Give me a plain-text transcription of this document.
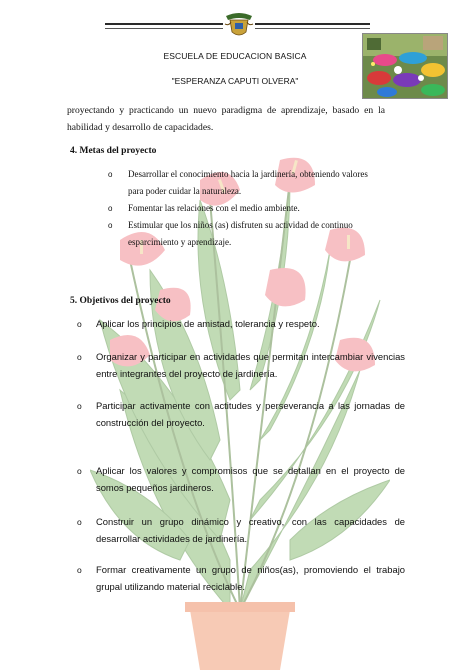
ESCUELA DE EDUCACION BASICA
"ESPERANZA CAPUTI OLVERA"
proyectando y practicando un nuevo paradigma de aprendizaje, basado en la habilidad y desarrollo de capacidades.
4. Metas del proyecto
o Desarrollar el conocimiento hacia la jardinería, obteniendo valores para poder cuidar la naturaleza.
o Fomentar las relaciones con el medio ambiente.
o Estimular que los niños (as) disfruten su actividad de continuo esparcimiento y aprendizaje.
5. Objetivos del proyecto
o Aplicar los principios de amistad, tolerancia y respeto.
o Organizar y participar en actividades que permitan intercambiar vivencias entre integrantes del proyecto de jardinería.
o Participar activamente con actitudes y perseverancia a las jornadas de construcción del proyecto.
o Aplicar los valores y compromisos que se detallan en el proyecto de somos pequeños jardineros.
o Construir un grupo dinámico y creativo, con las capacidades de desarrollar actividades de jardinería.
o Formar creativamente un grupo de niños(as), promoviendo el trabajo grupal utilizando material reciclable.
